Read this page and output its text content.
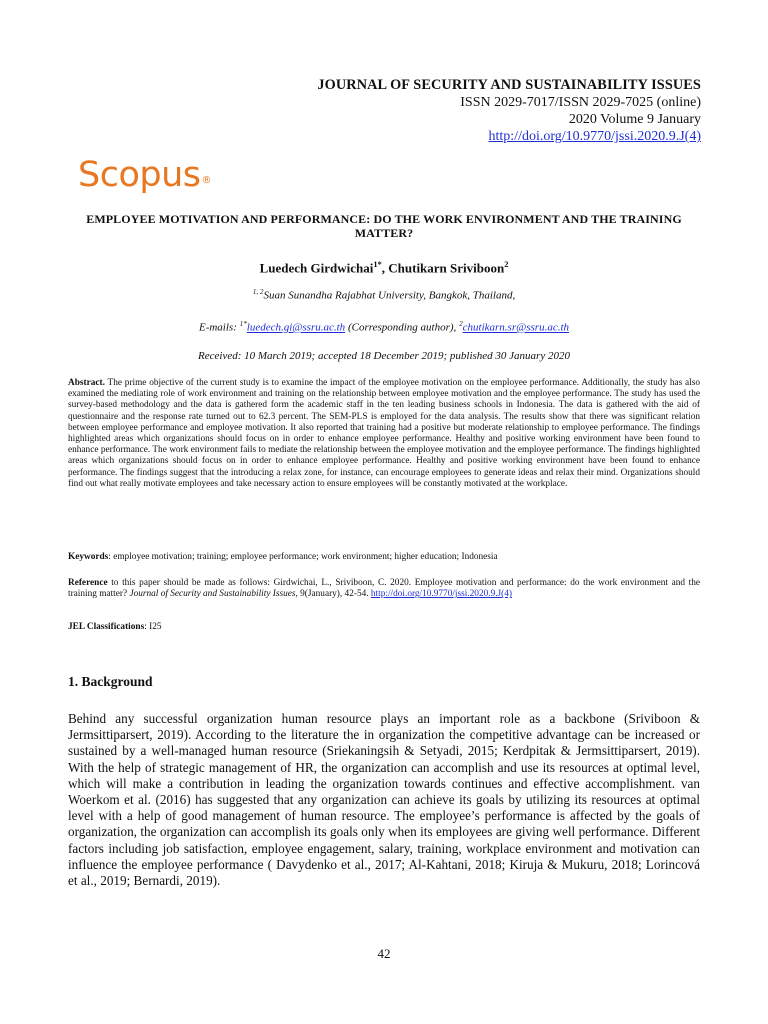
JOURNAL OF SECURITY AND SUSTAINABILITY ISSUES
ISSN 2029-7017/ISSN 2029-7025 (online)
2020 Volume 9 January
http://doi.org/10.9770/jssi.2020.9.J(4)
Scopus®
EMPLOYEE MOTIVATION AND PERFORMANCE: DO THE WORK ENVIRONMENT AND THE TRAINING MATTER?
Luedech Girdwichai$^{1*}$, Chutikarn Sriviboon$^2$
$^{1, 2}$Suan Sunandha Rajabhat University, Bangkok, Thailand,
E-mails: $^{1*}$luedech.gi@ssru.ac.th (Corresponding author), $^2$chutikarn.sr@ssru.ac.th
Received: 10 March 2019; accepted 18 December 2019; published 30 January 2020
Abstract. The prime objective of the current study is to examine the impact of the employee motivation on the employee performance. Additionally, the study has also examined the mediating role of work environment and training on the relationship between employee motivation and the employee performance. The study has used the survey-based methodology and the data is gathered form the academic staff in the ten leading business schools in Indonesia. The data is gathered with the aid of questionnaire and the response rate turned out to 62.3 percent. The SEM-PLS is employed for the data analysis. The results show that there was significant relation between employee performance and employee motivation. It also reported that training had a positive but moderate relationship to employee performance. The findings highlighted areas which organizations should focus on in order to enhance employee performance. Healthy and positive working environment have been found to enhance performance. The work environment fails to mediate the relationship between the employee motivation and the employee performance. The findings highlighted areas which organizations should focus on in order to enhance employee performance. Healthy and positive working environment have been found to enhance performance. The findings suggest that the introducing a relax zone, for instance, can encourage employees to generate ideas and relax their mind. Organizations should find out what really motivate employees and take necessary action to ensure employees will be constantly motivated at the workplace.
Keywords: employee motivation; training; employee performance; work environment; higher education; Indonesia
Reference to this paper should be made as follows: Girdwichai, L., Sriviboon, C. 2020. Employee motivation and performance: do the work environment and the training matter? Journal of Security and Sustainability Issues, 9(January), 42-54. http://doi.org/10.9770/jssi.2020.9.J(4)
JEL Classifications: I25
1. Background
Behind any successful organization human resource plays an important role as a backbone (Sriviboon & Jermsittiparsert, 2019). According to the literature the in organization the competitive advantage can be increased or sustained by a well-managed human resource (Sriekaningsih & Setyadi, 2015; Kerdpitak & Jermsittiparsert, 2019). With the help of strategic management of HR, the organization can accomplish and use its resources at optimal level, which will make a contribution in leading the organization towards continues and effective accomplishment. van Woerkom et al. (2016) has suggested that any organization can achieve its goals by utilizing its resources at optimal level with a help of good management of human resource. The employee’s performance is affected by the goals of organization, the organization can accomplish its goals only when its employees are giving well performance. Different factors including job satisfaction, employee engagement, salary, training, workplace environment and motivation can influence the employee performance ( Davydenko et al., 2017; Al-Kahtani, 2018; Kiruja & Mukuru, 2018; Lorincová et al., 2019; Bernardi, 2019).
42
